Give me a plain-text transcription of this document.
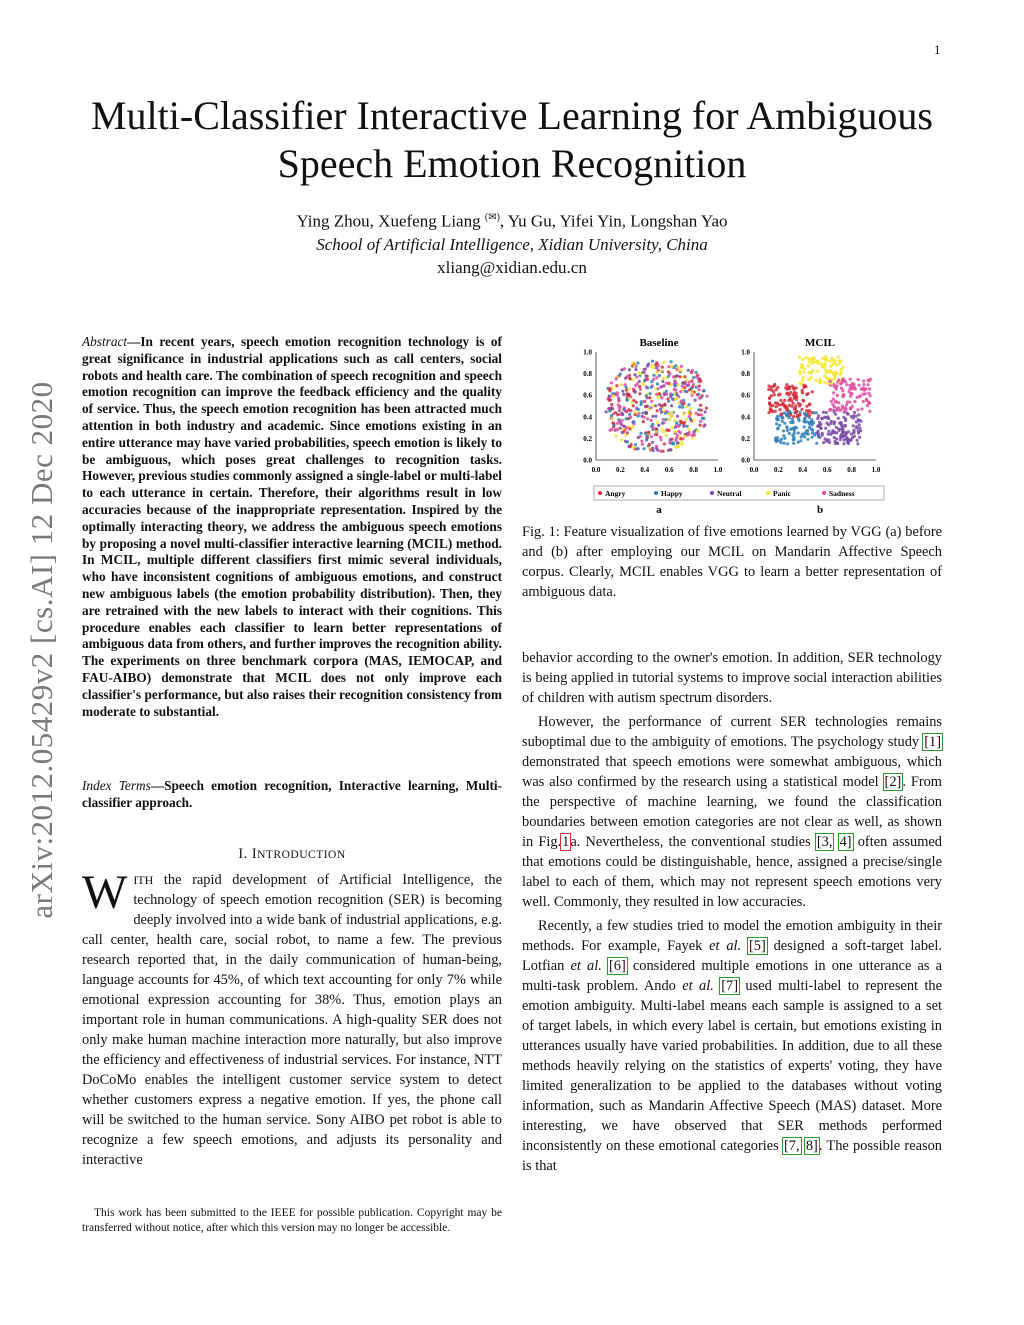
1
arXiv:2012.05429v2 [cs.AI] 12 Dec 2020
Multi-Classifier Interactive Learning for Ambiguous
Speech Emotion Recognition
Ying Zhou, Xuefeng Liang (✉), Yu Gu, Yifei Yin, Longshan Yao
School of Artificial Intelligence, Xidian University, China
xliang@xidian.edu.cn
Abstract—In recent years, speech emotion recognition technology is of great significance in industrial applications such as call centers, social robots and health care. The combination of speech recognition and speech emotion recognition can improve the feedback efficiency and the quality of service. Thus, the speech emotion recognition has been attracted much attention in both industry and academic. Since emotions existing in an entire utterance may have varied probabilities, speech emotion is likely to be ambiguous, which poses great challenges to recognition tasks. However, previous studies commonly assigned a single-label or multi-label to each utterance in certain. Therefore, their algorithms result in low accuracies because of the inappropriate representation. Inspired by the optimally interacting theory, we address the ambiguous speech emotions by proposing a novel multi-classifier interactive learning (MCIL) method. In MCIL, multiple different classifiers first mimic several individuals, who have inconsistent cognitions of ambiguous emotions, and construct new ambiguous labels (the emotion probability distribution). Then, they are retrained with the new labels to interact with their cognitions. This procedure enables each classifier to learn better representations of ambiguous data from others, and further improves the recognition ability. The experiments on three benchmark corpora (MAS, IEMOCAP, and FAU-AIBO) demonstrate that MCIL does not only improve each classifier's performance, but also raises their recognition consistency from moderate to substantial.
Index Terms—Speech emotion recognition, Interactive learning, Multi-classifier approach.
I. INTRODUCTION
WITH the rapid development of Artificial Intelligence, the technology of speech emotion recognition (SER) is becoming deeply involved into a wide bank of industrial applications, e.g. call center, health care, social robot, to name a few. The previous research reported that, in the daily communication of human-being, language accounts for 45%, of which text accounting for only 7% while emotional expression accounting for 38%. Thus, emotion plays an important role in human communications. A high-quality SER does not only make human machine interaction more naturally, but also improve the efficiency and effectiveness of industrial services. For instance, NTT DoCoMo enables the intelligent customer service system to detect whether customers express a negative emotion. If yes, the phone call will be switched to the human service. Sony AIBO pet robot is able to recognize a few speech emotions, and adjusts its personality and interactive
This work has been submitted to the IEEE for possible publication. Copyright may be transferred without notice, after which this version may no longer be accessible.
Baseline	MCIL
a	b
0.0
0.0
0.2
0.2
0.4
0.4
0.6
0.6
0.8
0.8
1.0
1.0
0.0
0.0
0.2
0.2
0.4
0.4
0.6
0.6
0.8
0.8
1.0
1.0
Angry	Happy	Neutral	Panic	Sadness
Fig. 1: Feature visualization of five emotions learned by VGG (a) before and (b) after employing our MCIL on Mandarin Affective Speech corpus. Clearly, MCIL enables VGG to learn a better representation of ambiguous data.

behavior according to the owner's emotion. In addition, SER technology is being applied in tutorial systems to improve social interaction abilities of children with autism spectrum disorders.

However, the performance of current SER technologies remains suboptimal due to the ambiguity of emotions. The psychology study [1] demonstrated that speech emotions were somewhat ambiguous, which was also confirmed by the research using a statistical model [2]. From the perspective of machine learning, we found the classification boundaries between emotion categories are not clear as well, as shown in Fig.1a. Nevertheless, the conventional studies [3, 4] often assumed that emotions could be distinguishable, hence, assigned a precise/single label to each of them, which may not represent speech emotions very well. Commonly, they resulted in low accuracies.

Recently, a few studies tried to model the emotion ambiguity in their methods. For example, Fayek et al. [5] designed a soft-target label. Lotfian et al. [6] considered multiple emotions in one utterance as a multi-task problem. Ando et al. [7] used multi-label to represent the emotion ambiguity. Multi-label means each sample is assigned to a set of target labels, in which every label is certain, but emotions existing in utterances usually have varied probabilities. In addition, due to all these methods heavily relying on the statistics of experts' voting, they have limited generalization to be applied to the databases without voting information, such as Mandarin Affective Speech (MAS) dataset. More interesting, we have observed that SER methods performed inconsistently on these emotional categories [7, 8]. The possible reason is that
